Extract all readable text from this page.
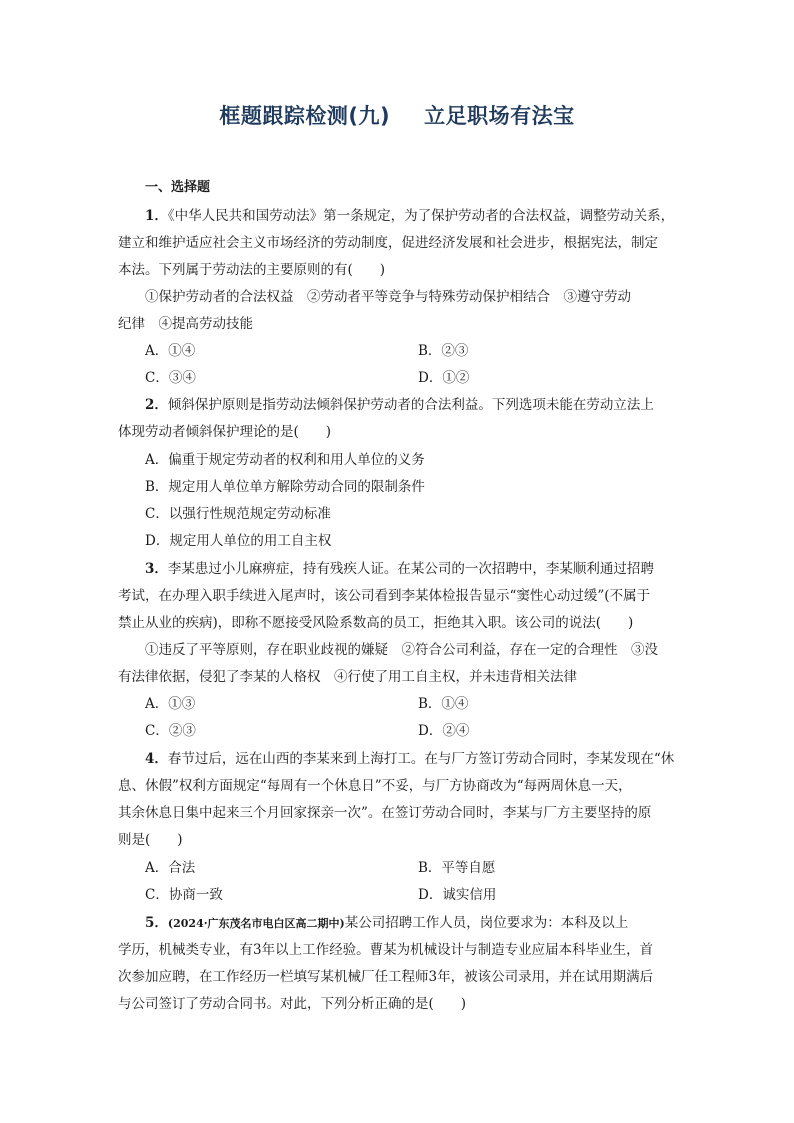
框题跟踪检测(九) 立足职场有法宝
一、选择题
1．《中华人民共和国劳动法》第一条规定，为了保护劳动者的合法权益，调整劳动关系，
建立和维护适应社会主义市场经济的劳动制度，促进经济发展和社会进步，根据宪法，制定
本法。下列属于劳动法的主要原则的有(　　)
①保护劳动者的合法权益　②劳动者平等竞争与特殊劳动保护相结合　③遵守劳动
纪律　④提高劳动技能
A．①④	B．②③
C．③④	D．①②
2．倾斜保护原则是指劳动法倾斜保护劳动者的合法利益。下列选项未能在劳动立法上
体现劳动者倾斜保护理论的是(　　)
A．偏重于规定劳动者的权利和用人单位的义务
B．规定用人单位单方解除劳动合同的限制条件
C．以强行性规范规定劳动标准
D．规定用人单位的用工自主权
3．李某患过小儿麻痹症，持有残疾人证。在某公司的一次招聘中，李某顺利通过招聘
考试，在办理入职手续进入尾声时，该公司看到李某体检报告显示“窦性心动过缓”(不属于
禁止从业的疾病)，即称不愿接受风险系数高的员工，拒绝其入职。该公司的说法(　　)
①违反了平等原则，存在职业歧视的嫌疑　②符合公司利益，存在一定的合理性　③没
有法律依据，侵犯了李某的人格权　④行使了用工自主权，并未违背相关法律
A．①③	B．①④
C．②③	D．②④
4．春节过后，远在山西的李某来到上海打工。在与厂方签订劳动合同时，李某发现在“休
息、休假”权利方面规定“每周有一个休息日”不妥，与厂方协商改为“每两周休息一天，
其余休息日集中起来三个月回家探亲一次”。在签订劳动合同时，李某与厂方主要坚持的原
则是(　　)
A．合法	B．平等自愿
C．协商一致	D．诚实信用
5．(2024·广东茂名市电白区高二期中)某公司招聘工作人员，岗位要求为：本科及以上
学历，机械类专业，有3年以上工作经验。曹某为机械设计与制造专业应届本科毕业生，首
次参加应聘，在工作经历一栏填写某机械厂任工程师3年，被该公司录用，并在试用期满后
与公司签订了劳动合同书。对此，下列分析正确的是(　　)
